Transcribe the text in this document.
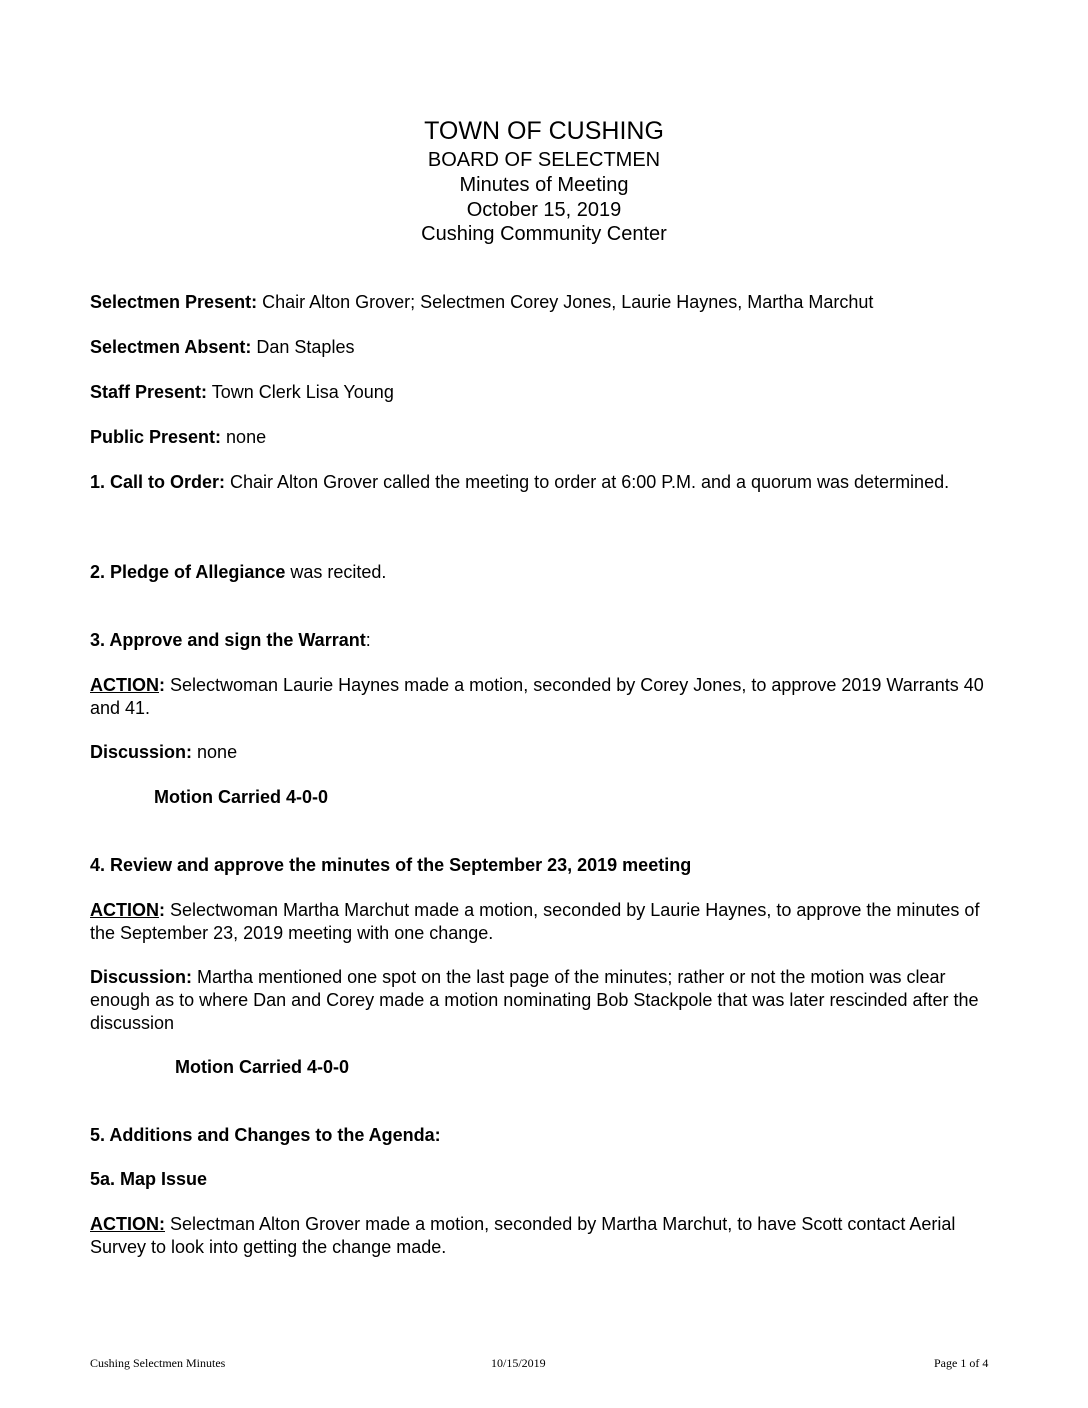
TOWN OF CUSHING
BOARD OF SELECTMEN
Minutes of Meeting
October 15, 2019
Cushing Community Center
Selectmen Present: Chair Alton Grover; Selectmen Corey Jones, Laurie Haynes, Martha Marchut
Selectmen Absent: Dan Staples
Staff Present: Town Clerk Lisa Young
Public Present: none
1. Call to Order: Chair Alton Grover called the meeting to order at 6:00 P.M. and a quorum was determined.
2. Pledge of Allegiance was recited.
3. Approve and sign the Warrant:
ACTION: Selectwoman Laurie Haynes made a motion, seconded by Corey Jones, to approve 2019 Warrants 40 and 41.
Discussion: none
Motion Carried 4-0-0
4. Review and approve the minutes of the September 23, 2019 meeting
ACTION: Selectwoman Martha Marchut made a motion, seconded by Laurie Haynes, to approve the minutes of the September 23, 2019 meeting with one change.
Discussion: Martha mentioned one spot on the last page of the minutes; rather or not the motion was clear enough as to where Dan and Corey made a motion nominating Bob Stackpole that was later rescinded after the discussion
Motion Carried 4-0-0
5. Additions and Changes to the Agenda:
5a. Map Issue
ACTION: Selectman Alton Grover made a motion, seconded by Martha Marchut, to have Scott contact Aerial Survey to look into getting the change made.
Cushing Selectmen Minutes	10/15/2019	Page 1 of 4
